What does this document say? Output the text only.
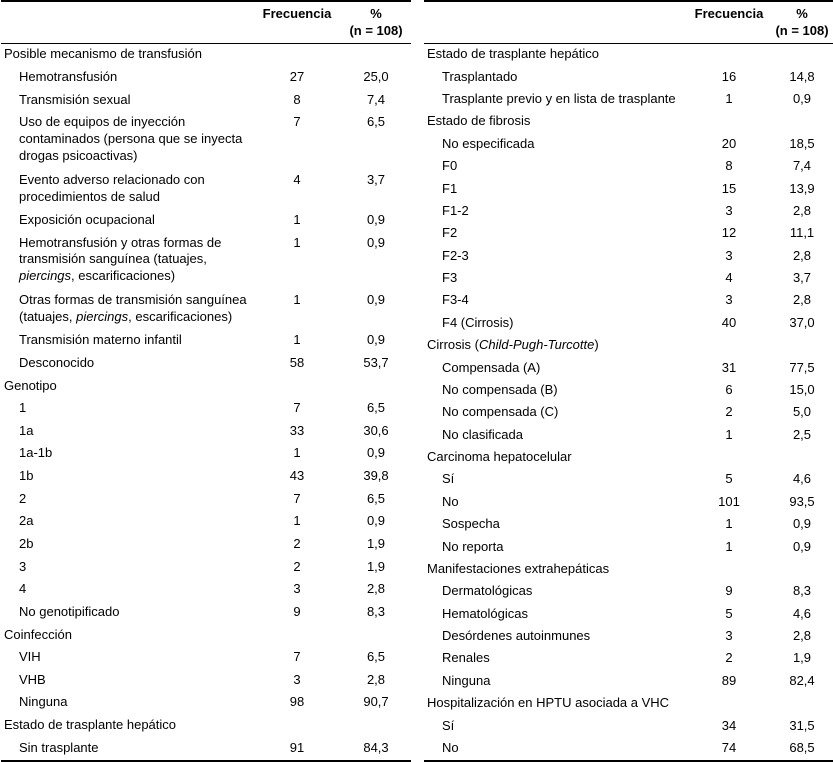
	Frecuencia	%
(n = 108)

Posible mecanismo de transfusión		
Hemotransfusión	27	25,0
Transmisión sexual	8	7,4
Uso de equipos de inyección contaminados (persona que se inyecta drogas psicoactivas)	7	6,5
Evento adverso relacionado con procedimientos de salud	4	3,7
Exposición ocupacional	1	0,9
Hemotransfusión y otras formas de transmisión sanguínea (tatuajes, piercings, escarificaciones)	1	0,9
Otras formas de transmisión sanguínea (tatuajes, piercings, escarificaciones)	1	0,9
Transmisión materno infantil	1	0,9
Desconocido	58	53,7
Genotipo		
1	7	6,5
1a	33	30,6
1a-1b	1	0,9
1b	43	39,8
2	7	6,5
2a	1	0,9
2b	2	1,9
3	2	1,9
4	3	2,8
No genotipificado	9	8,3
Coinfección		
VIH	7	6,5
VHB	3	2,8
Ninguna	98	90,7
Estado de trasplante hepático		
Sin trasplante	91	84,3
	Frecuencia	%
(n = 108)

Estado de trasplante hepático		
Trasplantado	16	14,8
Trasplante previo y en lista de trasplante	1	0,9
Estado de fibrosis		
No especificada	20	18,5
F0	8	7,4
F1	15	13,9
F1-2	3	2,8
F2	12	11,1
F2-3	3	2,8
F3	4	3,7
F3-4	3	2,8
F4 (Cirrosis)	40	37,0
Cirrosis (Child-Pugh-Turcotte)		
Compensada (A)	31	77,5
No compensada (B)	6	15,0
No compensada (C)	2	5,0
No clasificada	1	2,5
Carcinoma hepatocelular		
Sí	5	4,6
No	101	93,5
Sospecha	1	0,9
No reporta	1	0,9
Manifestaciones extrahepáticas		
Dermatológicas	9	8,3
Hematológicas	5	4,6
Desórdenes autoinmunes	3	2,8
Renales	2	1,9
Ninguna	89	82,4
Hospitalización en HPTU asociada a VHC		
Sí	34	31,5
No	74	68,5
